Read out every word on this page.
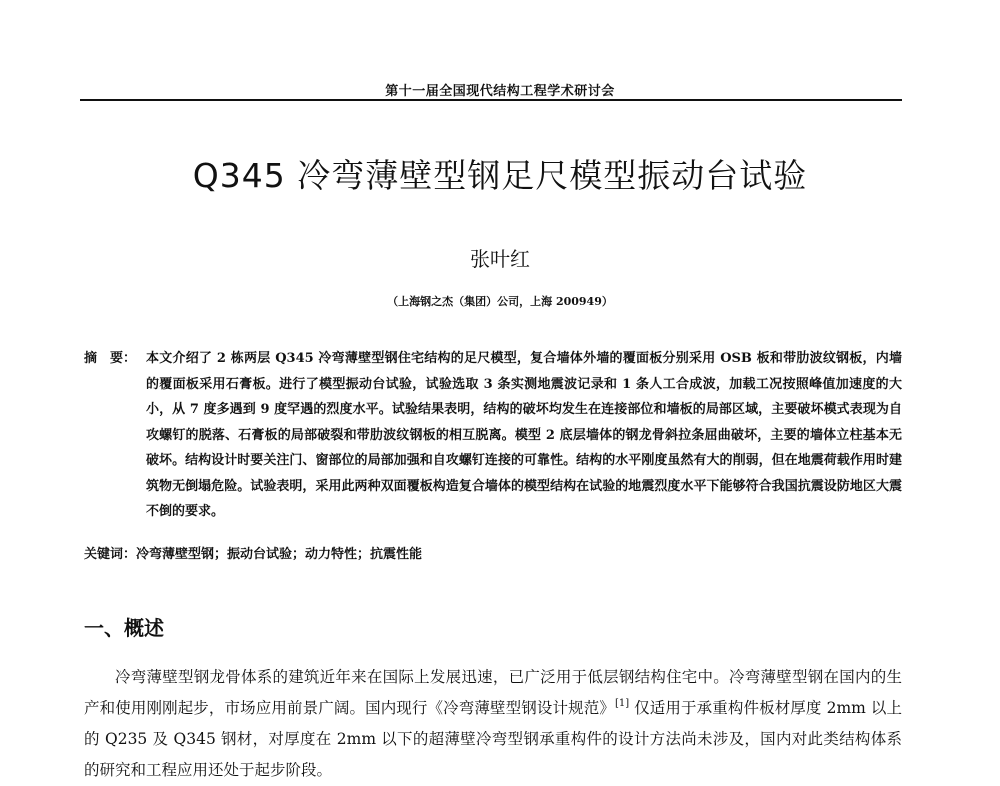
第十一届全国现代结构工程学术研讨会
Q345 冷弯薄壁型钢足尺模型振动台试验
张叶红
（上海钢之杰（集团）公司，上海 200949）
摘　要： 本文介绍了 2 栋两层 Q345 冷弯薄壁型钢住宅结构的足尺模型，复合墙体外墙的覆面板分别采用 OSB 板和带肋波纹钢板，内墙的覆面板采用石膏板。进行了模型振动台试验，试验选取 3 条实测地震波记录和 1 条人工合成波，加载工况按照峰值加速度的大小，从 7 度多遇到 9 度罕遇的烈度水平。试验结果表明，结构的破坏均发生在连接部位和墙板的局部区域，主要破坏模式表现为自攻螺钉的脱落、石膏板的局部破裂和带肋波纹钢板的相互脱离。模型 2 底层墙体的钢龙骨斜拉条屈曲破坏，主要的墙体立柱基本无破坏。结构设计时要关注门、窗部位的局部加强和自攻螺钉连接的可靠性。结构的水平刚度虽然有大的削弱，但在地震荷载作用时建筑物无倒塌危险。试验表明，采用此两种双面覆板构造复合墙体的模型结构在试验的地震烈度水平下能够符合我国抗震设防地区大震不倒的要求。
关键词：冷弯薄壁型钢；振动台试验；动力特性；抗震性能
一、概述

冷弯薄壁型钢龙骨体系的建筑近年来在国际上发展迅速，已广泛用于低层钢结构住宅中。冷弯薄壁型钢在国内的生产和使用刚刚起步，市场应用前景广阔。国内现行《冷弯薄壁型钢设计规范》[1] 仅适用于承重构件板材厚度 2mm 以上的 Q235 及 Q345 钢材，对厚度在 2mm 以下的超薄壁冷弯型钢承重构件的设计方法尚未涉及，国内对此类结构体系的研究和工程应用还处于起步阶段。
